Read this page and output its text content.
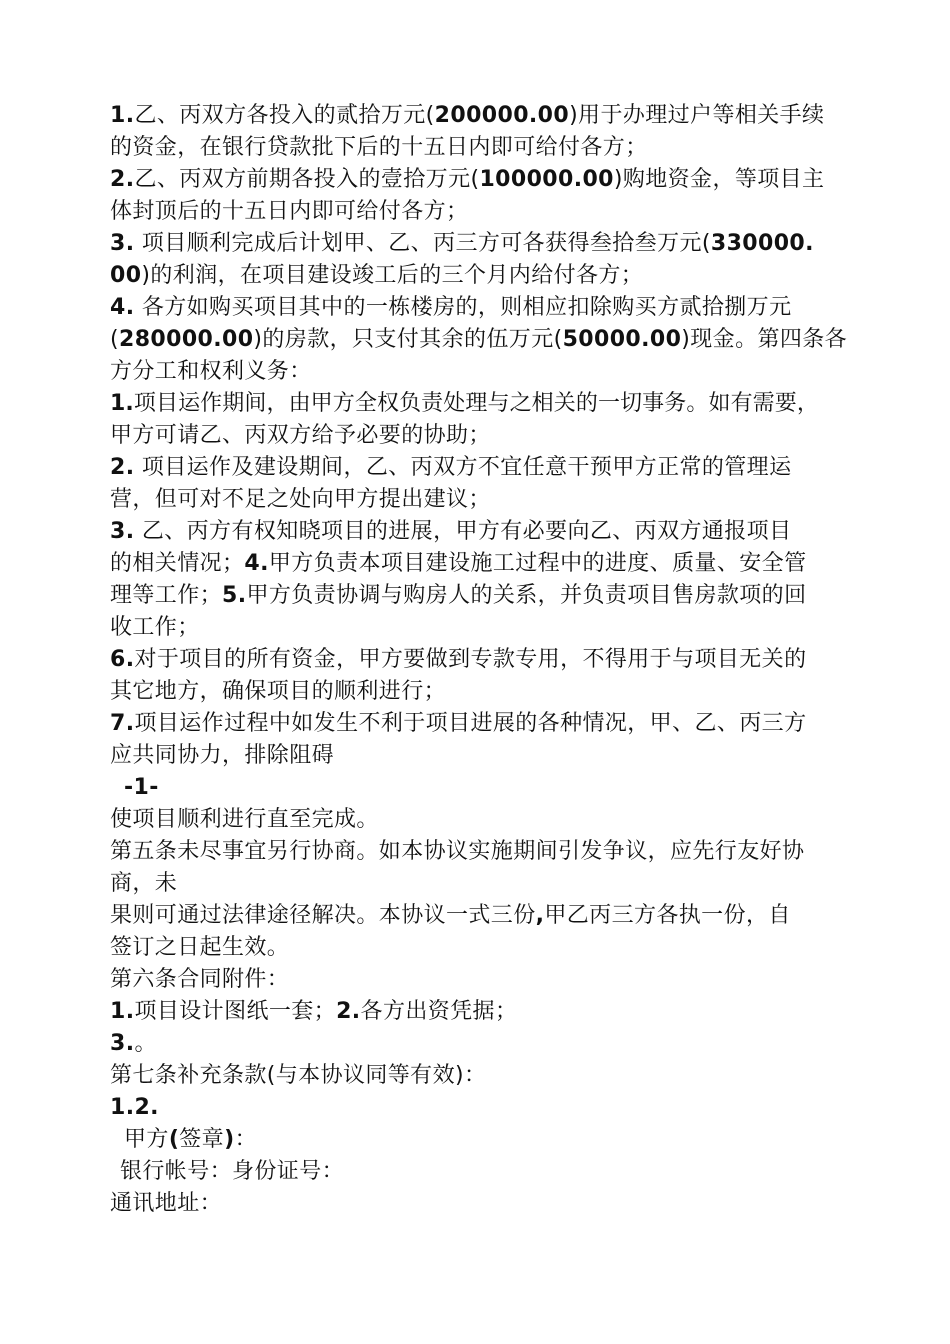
1.乙、丙双方各投入的贰拾万元(200000.00)用于办理过户等相关手续
的资金，在银行贷款批下后的十五日内即可给付各方；
2.乙、丙双方前期各投入的壹拾万元(100000.00)购地资金，等项目主
体封顶后的十五日内即可给付各方；
3. 项目顺利完成后计划甲、乙、丙三方可各获得叁拾叁万元(330000.
00)的利润，在项目建设竣工后的三个月内给付各方；
4. 各方如购买项目其中的一栋楼房的，则相应扣除购买方贰拾捌万元
(280000.00)的房款，只支付其余的伍万元(50000.00)现金。第四条各
方分工和权利义务：
1.项目运作期间，由甲方全权负责处理与之相关的一切事务。如有需要，
甲方可请乙、丙双方给予必要的协助；
2. 项目运作及建设期间，乙、丙双方不宜任意干预甲方正常的管理运
营，但可对不足之处向甲方提出建议；
3. 乙、丙方有权知晓项目的进展，甲方有必要向乙、丙双方通报项目
的相关情况；4.甲方负责本项目建设施工过程中的进度、质量、安全管
理等工作；5.甲方负责协调与购房人的关系，并负责项目售房款项的回
收工作；
6.对于项目的所有资金，甲方要做到专款专用，不得用于与项目无关的
其它地方，确保项目的顺利进行；
7.项目运作过程中如发生不利于项目进展的各种情况，甲、乙、丙三方
应共同协力，排除阻碍
-1-
使项目顺利进行直至完成。
第五条未尽事宜另行协商。如本协议实施期间引发争议，应先行友好协
商，未
果则可通过法律途径解决。本协议一式三份,甲乙丙三方各执一份，自
签订之日起生效。
第六条合同附件：
1.项目设计图纸一套；2.各方出资凭据；
3.。
第七条补充条款(与本协议同等有效)：
1.2.
甲方(签章)：
银行帐号：身份证号：
通讯地址：
